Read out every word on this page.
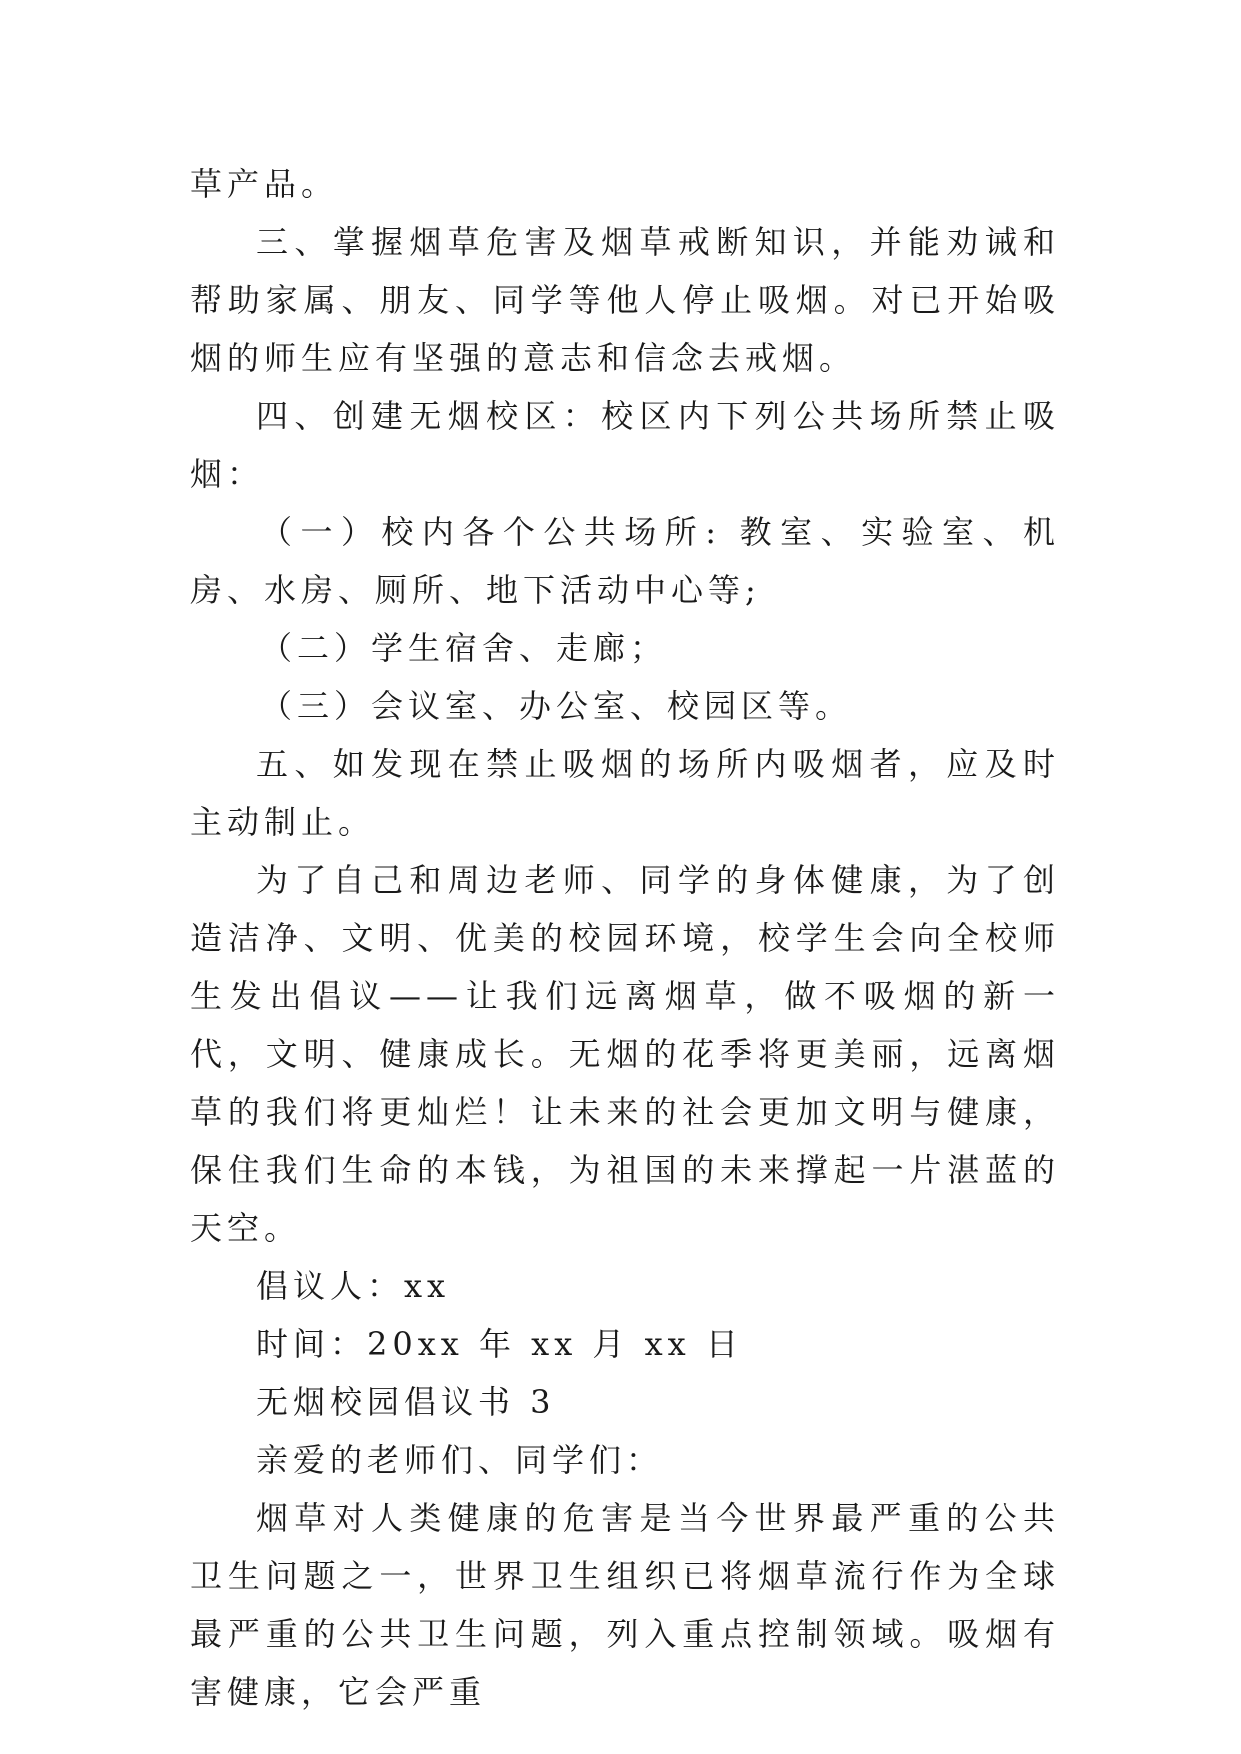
草产品。

三、掌握烟草危害及烟草戒断知识，并能劝诫和帮助家属、朋友、同学等他人停止吸烟。对已开始吸烟的师生应有坚强的意志和信念去戒烟。

四、创建无烟校区：校区内下列公共场所禁止吸烟：

（一）校内各个公共场所: 教室、实验室、机房、水房、厕所、地下活动中心等;

（二）学生宿舍、走廊；

（三）会议室、办公室、校园区等。

五、如发现在禁止吸烟的场所内吸烟者，应及时主动制止。

为了自己和周边老师、同学的身体健康，为了创造洁净、文明、优美的校园环境，校学生会向全校师生发出倡议——让我们远离烟草，做不吸烟的新一代，文明、健康成长。无烟的花季将更美丽，远离烟草的我们将更灿烂！让未来的社会更加文明与健康，保住我们生命的本钱，为祖国的未来撑起一片湛蓝的天空。

倡议人：xx

时间：20xx 年 xx 月 xx 日

无烟校园倡议书 3

亲爱的老师们、同学们：

烟草对人类健康的危害是当今世界最严重的公共卫生问题之一，世界卫生组织已将烟草流行作为全球最严重的公共卫生问题，列入重点控制领域。吸烟有害健康，它会严重
